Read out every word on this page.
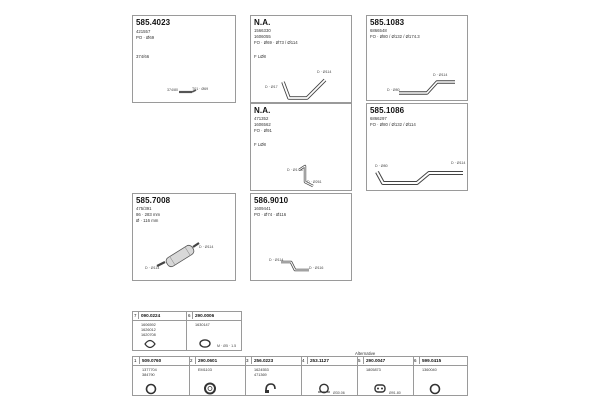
585.4023
421557
PO · Ø69
374/66
374/80	T01 · Ø69
N.A.
1566330
1606055
FO · Ø69 · Ø73 / Ø114
F LØ8
D · Ø17
D · Ø114
585.1083
6866548
FO · Ø80 / Ø132 / Ø174.3
D · Ø80
D · Ø114
N.A.
471352
1606562
FO · Ø91
F LØ8
D · Ø1.08
D · Ø261
585.1086
6866297
FO · Ø80 / Ø132 / Ø114
D · Ø80
D · Ø114
585.7008
475/391
86 · 283 mm
Ø · 116 mm
D · Ø114
D · Ø114
586.9010
1609441
PO · Ø74 · Ø116
D · Ø114
D · Ø116
7 090.0224
1606592
1626012
1620708
6 290.0006
1630147
M · Ø5 · 1.5
Alternative
1 509.0760
1377704
384790
2 290.0601
EM1103
3 256.0223
1624553
471369
4 253.1127
Ø30.06
5 290.0047
1805873
Ø91.80
6 599.0415
1360040
